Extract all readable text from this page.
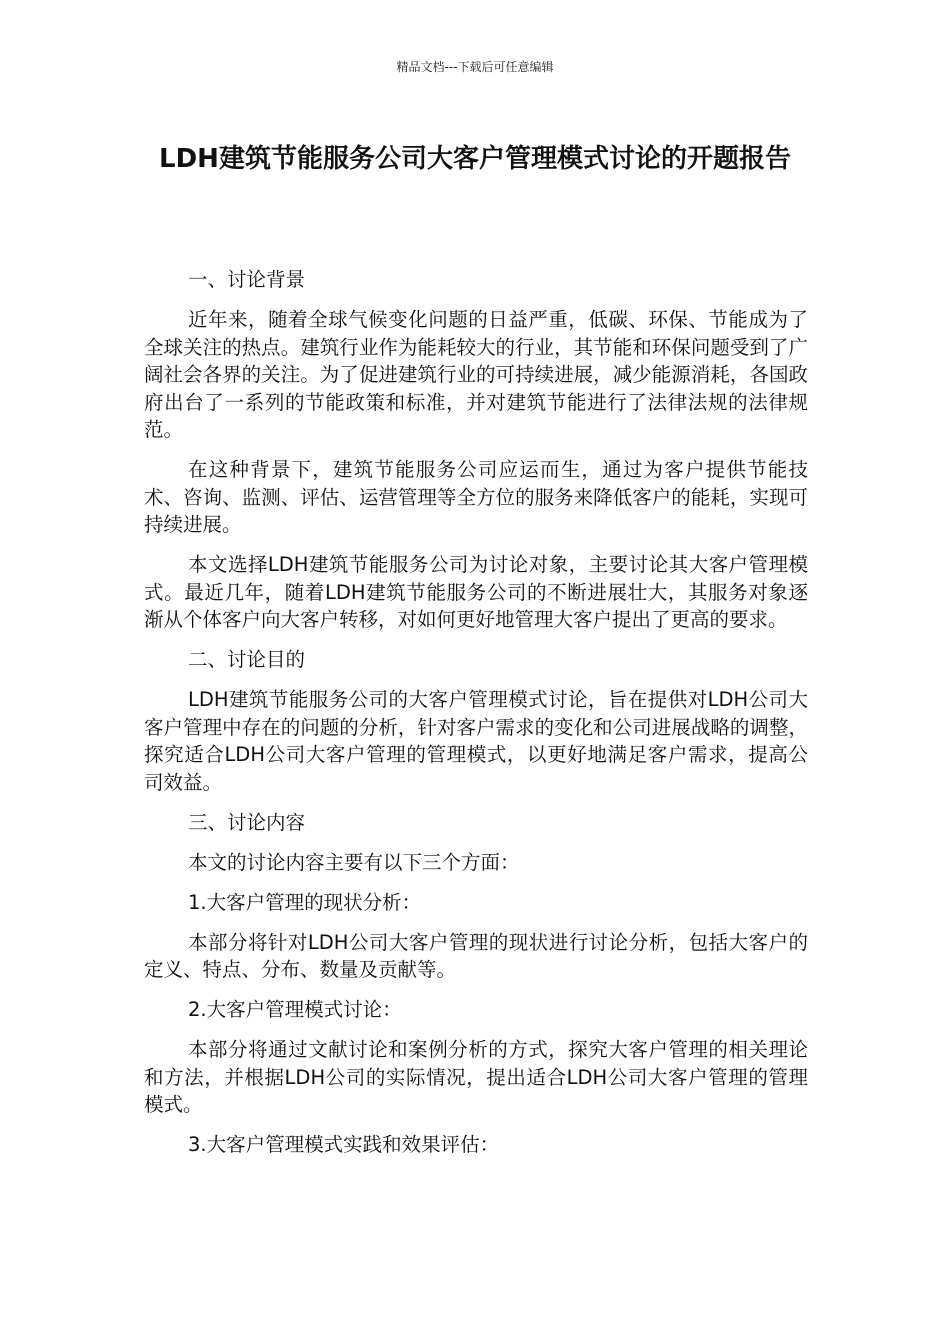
精品文档---下载后可任意编辑
LDH建筑节能服务公司大客户管理模式讨论的开题报告

一、讨论背景

近年来，随着全球气候变化问题的日益严重，低碳、环保、节能成为了全球关注的热点。建筑行业作为能耗较大的行业，其节能和环保问题受到了广阔社会各界的关注。为了促进建筑行业的可持续进展，减少能源消耗，各国政府出台了一系列的节能政策和标准，并对建筑节能进行了法律法规的法律规范。

在这种背景下，建筑节能服务公司应运而生，通过为客户提供节能技术、咨询、监测、评估、运营管理等全方位的服务来降低客户的能耗，实现可持续进展。

本文选择LDH建筑节能服务公司为讨论对象，主要讨论其大客户管理模式。最近几年，随着LDH建筑节能服务公司的不断进展壮大，其服务对象逐渐从个体客户向大客户转移，对如何更好地管理大客户提出了更高的要求。

二、讨论目的

LDH建筑节能服务公司的大客户管理模式讨论，旨在提供对LDH公司大客户管理中存在的问题的分析，针对客户需求的变化和公司进展战略的调整，探究适合LDH公司大客户管理的管理模式，以更好地满足客户需求，提高公司效益。

三、讨论内容

本文的讨论内容主要有以下三个方面：

1.大客户管理的现状分析：

本部分将针对LDH公司大客户管理的现状进行讨论分析，包括大客户的定义、特点、分布、数量及贡献等。

2.大客户管理模式讨论：

本部分将通过文献讨论和案例分析的方式，探究大客户管理的相关理论和方法，并根据LDH公司的实际情况，提出适合LDH公司大客户管理的管理模式。

3.大客户管理模式实践和效果评估：
